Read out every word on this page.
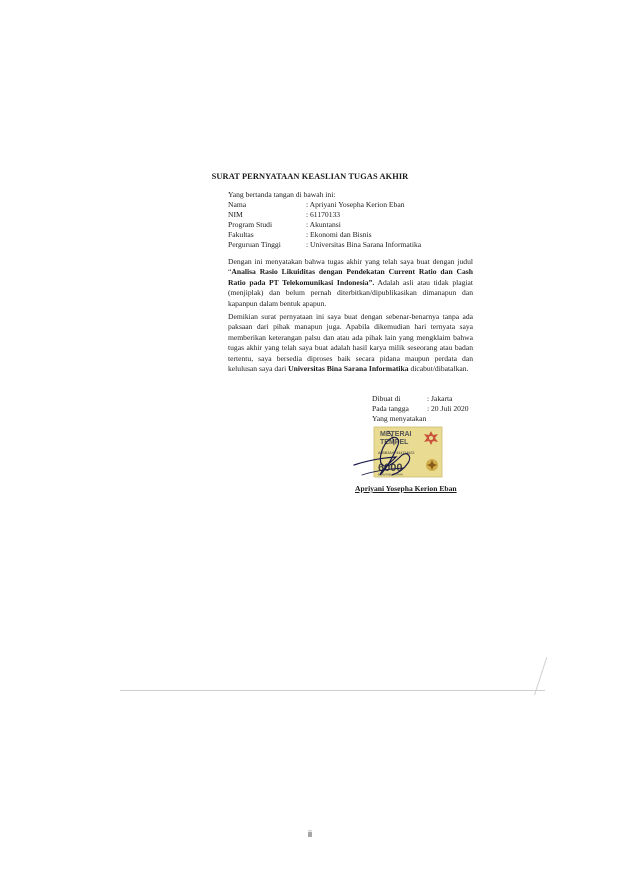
SURAT PERNYATAAN KEASLIAN TUGAS AKHIR
Yang bertanda tangan di bawah ini:
Nama	: Apriyani Yosepha Kerion Eban
NIM	: 61170133
Program Studi	: Akuntansi
Fakultas	: Ekonomi dan Bisnis
Perguruan Tinggi	: Universitas Bina Sarana Informatika
Dengan ini menyatakan bahwa tugas akhir yang telah saya buat dengan judul “Analisa Rasio Likuiditas dengan Pendekatan Current Ratio dan Cash Ratio pada PT Telekomunikasi Indonesia”. Adalah asli atau tidak plagiat (menjiplak) dan belum pernah diterbitkan/dipublikasikan dimanapun dan kapanpun dalam bentuk apapun.
Demikian surat pernyataan ini saya buat dengan sebenar-benarnya tanpa ada paksaan dari pihak manapun juga. Apabila dikemudian hari ternyata saya memberikan keterangan palsu dan atau ada pihak lain yang mengklaim bahwa tugas akhir yang telah saya buat adalah hasil karya milik seseorang atau badan tertentu, saya bersedia diproses baik secara pidana maupun perdata dan kelulusan saya dari Universitas Bina Sarana Informatika dicabut/dibatalkan.
Dibuat di	: Jakarta
Pada tangga : 20 Juli 2020
Yang menyatakan
METERAI
TEMPEL
A6BB3AHF444714623
6000
ENAM RIBU RUPIAH
Apriyani Yosepha Kerion Eban
ii
